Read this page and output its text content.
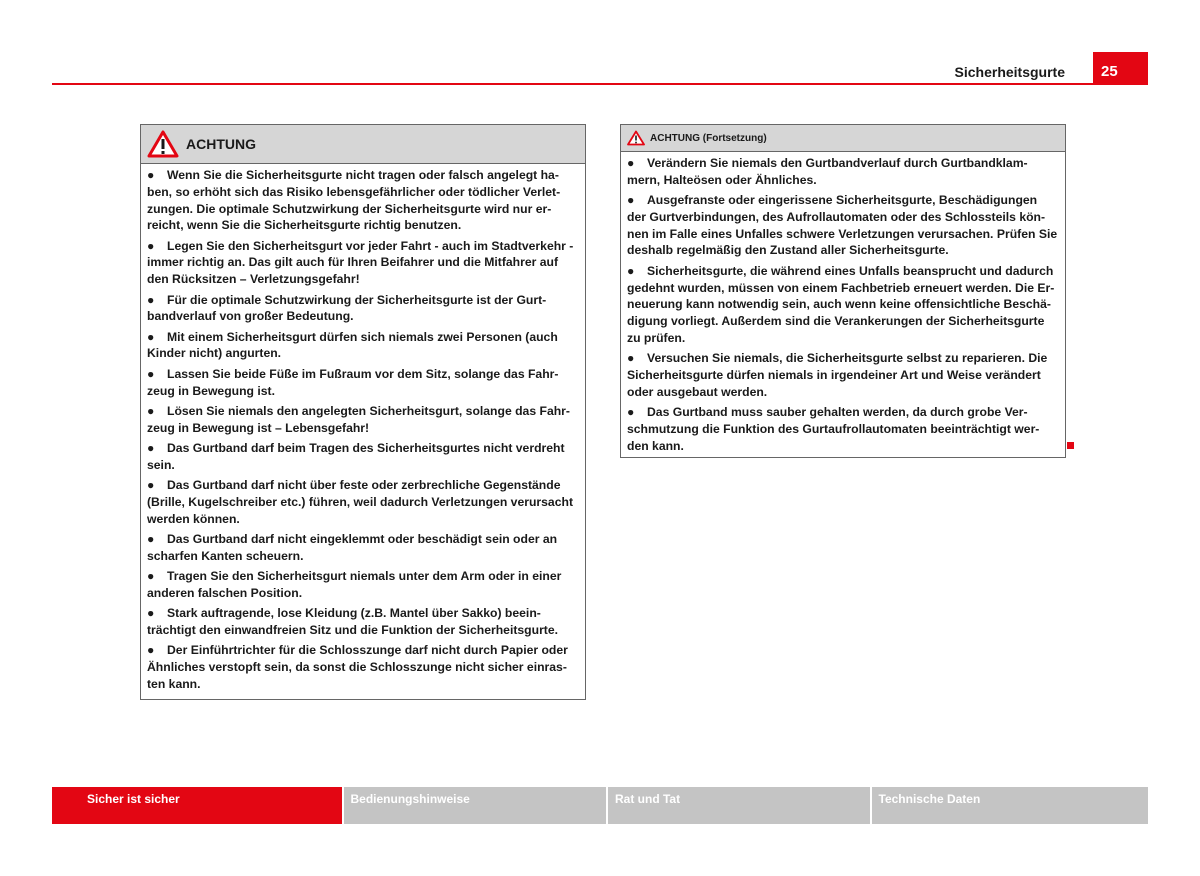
Sicherheitsgurte	25
ACHTUNG

● Wenn Sie die Sicherheitsgurte nicht tragen oder falsch angelegt ha-ben, so erhöht sich das Risiko lebensgefährlicher oder tödlicher Verlet-zungen. Die optimale Schutzwirkung der Sicherheitsgurte wird nur er-reicht, wenn Sie die Sicherheitsgurte richtig benutzen.

● Legen Sie den Sicherheitsgurt vor jeder Fahrt - auch im Stadtverkehr - immer richtig an. Das gilt auch für Ihren Beifahrer und die Mitfahrer auf den Rücksitzen – Verletzungsgefahr!

● Für die optimale Schutzwirkung der Sicherheitsgurte ist der Gurt-bandverlauf von großer Bedeutung.

● Mit einem Sicherheitsgurt dürfen sich niemals zwei Personen (auch Kinder nicht) angurten.

● Lassen Sie beide Füße im Fußraum vor dem Sitz, solange das Fahr-zeug in Bewegung ist.

● Lösen Sie niemals den angelegten Sicherheitsgurt, solange das Fahr-zeug in Bewegung ist – Lebensgefahr!

● Das Gurtband darf beim Tragen des Sicherheitsgurtes nicht verdreht sein.

● Das Gurtband darf nicht über feste oder zerbrechliche Gegenstände (Brille, Kugelschreiber etc.) führen, weil dadurch Verletzungen verursacht werden können.

● Das Gurtband darf nicht eingeklemmt oder beschädigt sein oder an scharfen Kanten scheuern.

● Tragen Sie den Sicherheitsgurt niemals unter dem Arm oder in einer anderen falschen Position.

● Stark auftragende, lose Kleidung (z.B. Mantel über Sakko) beein-trächtigt den einwandfreien Sitz und die Funktion der Sicherheitsgurte.

● Der Einführtrichter für die Schlosszunge darf nicht durch Papier oder Ähnliches verstopft sein, da sonst die Schlosszunge nicht sicher einras-ten kann.

ACHTUNG (Fortsetzung)

● Verändern Sie niemals den Gurtbandverlauf durch Gurtbandklam-mern, Halteösen oder Ähnliches.

● Ausgefranste oder eingerissene Sicherheitsgurte, Beschädigungen der Gurtverbindungen, des Aufrollautomaten oder des Schlossteils kön-nen im Falle eines Unfalles schwere Verletzungen verursachen. Prüfen Sie deshalb regelmäßig den Zustand aller Sicherheitsgurte.

● Sicherheitsgurte, die während eines Unfalls beansprucht und dadurch gedehnt wurden, müssen von einem Fachbetrieb erneuert werden. Die Er-neuerung kann notwendig sein, auch wenn keine offensichtliche Beschä-digung vorliegt. Außerdem sind die Verankerungen der Sicherheitsgurte zu prüfen.

● Versuchen Sie niemals, die Sicherheitsgurte selbst zu reparieren. Die Sicherheitsgurte dürfen niemals in irgendeiner Art und Weise verändert oder ausgebaut werden.

● Das Gurtband muss sauber gehalten werden, da durch grobe Ver-schmutzung die Funktion des Gurtaufrollautomaten beeinträchtigt wer-den kann.

Sicher ist sicher	Bedienungshinweise	Rat und Tat	Technische Daten
